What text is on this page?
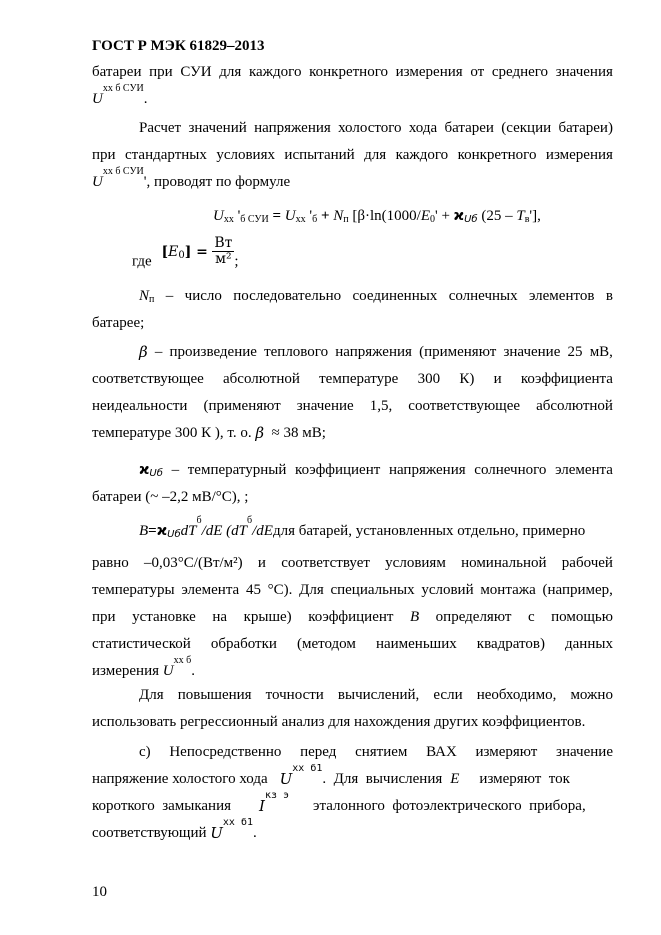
ГОСТ Р МЭК 61829–2013
батареи при СУИ для каждого конкретного измерения от среднего значения
U
хх б СУИ
.
Расчет значений напряжения холостого хода батареи (секции батареи)
при стандартных условиях испытаний для каждого конкретного измерения
U
хх б СУИ
', проводят по формуле
$U_{хх}$ '$_{б СУИ} = U_{хх}$ '$_б + N_п$ [$\beta\cdot\ln(1000/E_0' + ϰ_{Uб}$ $(25 - T_в']$,
где $[E_0] = \frac{Вт}{\text{м²}}$ ;
$N_п$ – число последовательно соединенных солнечных элементов в
батарее;
β – произведение теплового напряжения (применяют значение 25 мВ,
соответствующее абсолютной температуре 300 К) и коэффициента
неидеальности (применяют значение 1,5, соответствующее абсолютной
температуре 300 К ), т. о.
β ≈ 38 мВ;
$ϰ_{Uб}$ – температурный коэффициент напряжения солнечного элемента
батареи (~ –2,2 мВ/°С), ;
$B = ϰ_{Uб}$ dT
б
/dE (dT
б
/dE для батарей, установленных отдельно, примерно
равно –0,03°С/(Вт/м²) и соответствует условиям номинальной рабочей
температуры элемента 45 °С). Для специальных условий монтажа (например,
при установке на крыше) коэффициент B определяют с помощью
статистической обработки (методом наименьших квадратов) данных
измерения
U
хх б
.
Для повышения точности вычислений, если необходимо, можно
использовать регрессионный анализ для нахождения других коэффициентов.
с) Непосредственно перед снятием ВАХ измеряют значение
напряжение холостого хода U
хх б1
.  Для  вычисления E измеряют  ток
короткого  замыкания I
кз э
эталонного  фотоэлектрического  прибора,
соответствующий U
хх б1
.
10
